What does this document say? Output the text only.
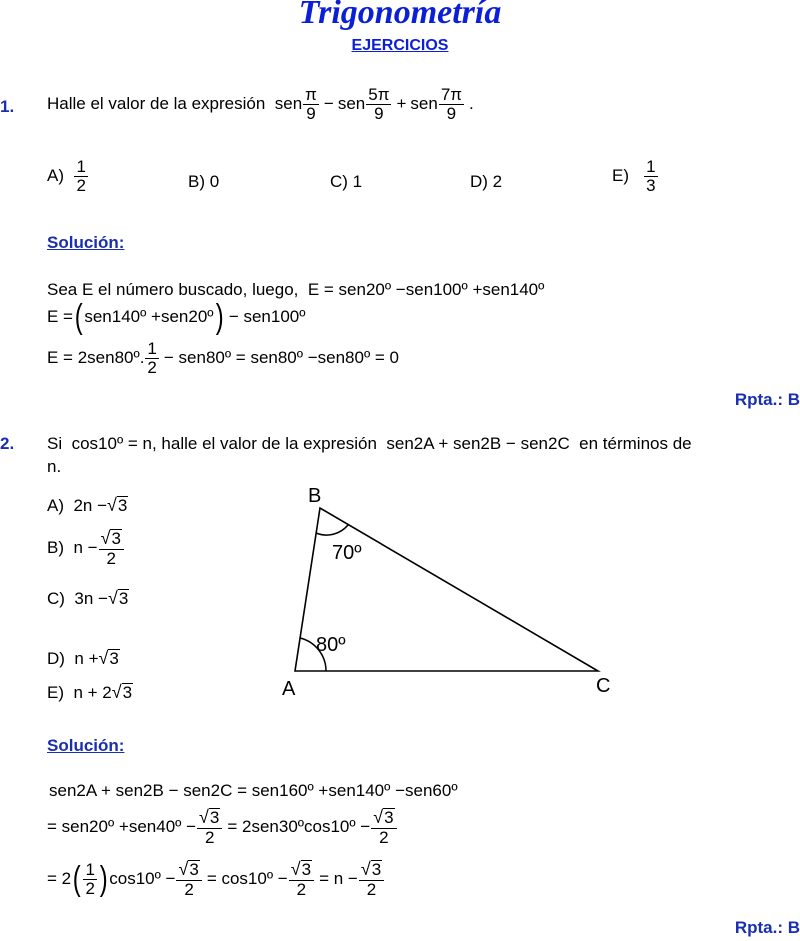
Trigonometría
EJERCICIOS
1. Halle el valor de la expresión
sen $\frac{\pi}{9}$ − sen $\frac{5\pi}{9}$ + sen $\frac{7\pi}{9}$ .
A)
$\frac{1}{2}$	B) 0	C) 1	D) 2	E)
$\frac{1}{3}$
Solución:
Sea E el número buscado, luego, E = sen20º −sen100º +sen140º
E = ( sen140º +sen20º ) − sen100º
E = 2sen80º. $\frac{1}{2}$ − sen80º = sen80º −sen80º = 0
Rpta.: B
2. Si cos10º = n, halle el valor de la expresión sen2A + sen2B − sen2C en términos de
n.
A)
2n − √ 3
B)
$n - \frac{√ 3}{2}$
C)
3n − √ 3
D)
n + √ 3
E)
n + 2 √ 3
B
A	C
70º
80º
Solución:
sen2A + sen2B − sen2C = sen160º +sen140º −sen60º
= sen20º +sen40º − $\frac{√ 3}{2}$ = 2sen30ºcos10º − $\frac{√ 3}{2}$
= 2 ( $\frac{1}{2}$ ) cos10º − $\frac{√ 3}{2}$ = cos10º − $\frac{√ 3}{2} = n - \frac{√ 3}{2}$
Rpta.: B
